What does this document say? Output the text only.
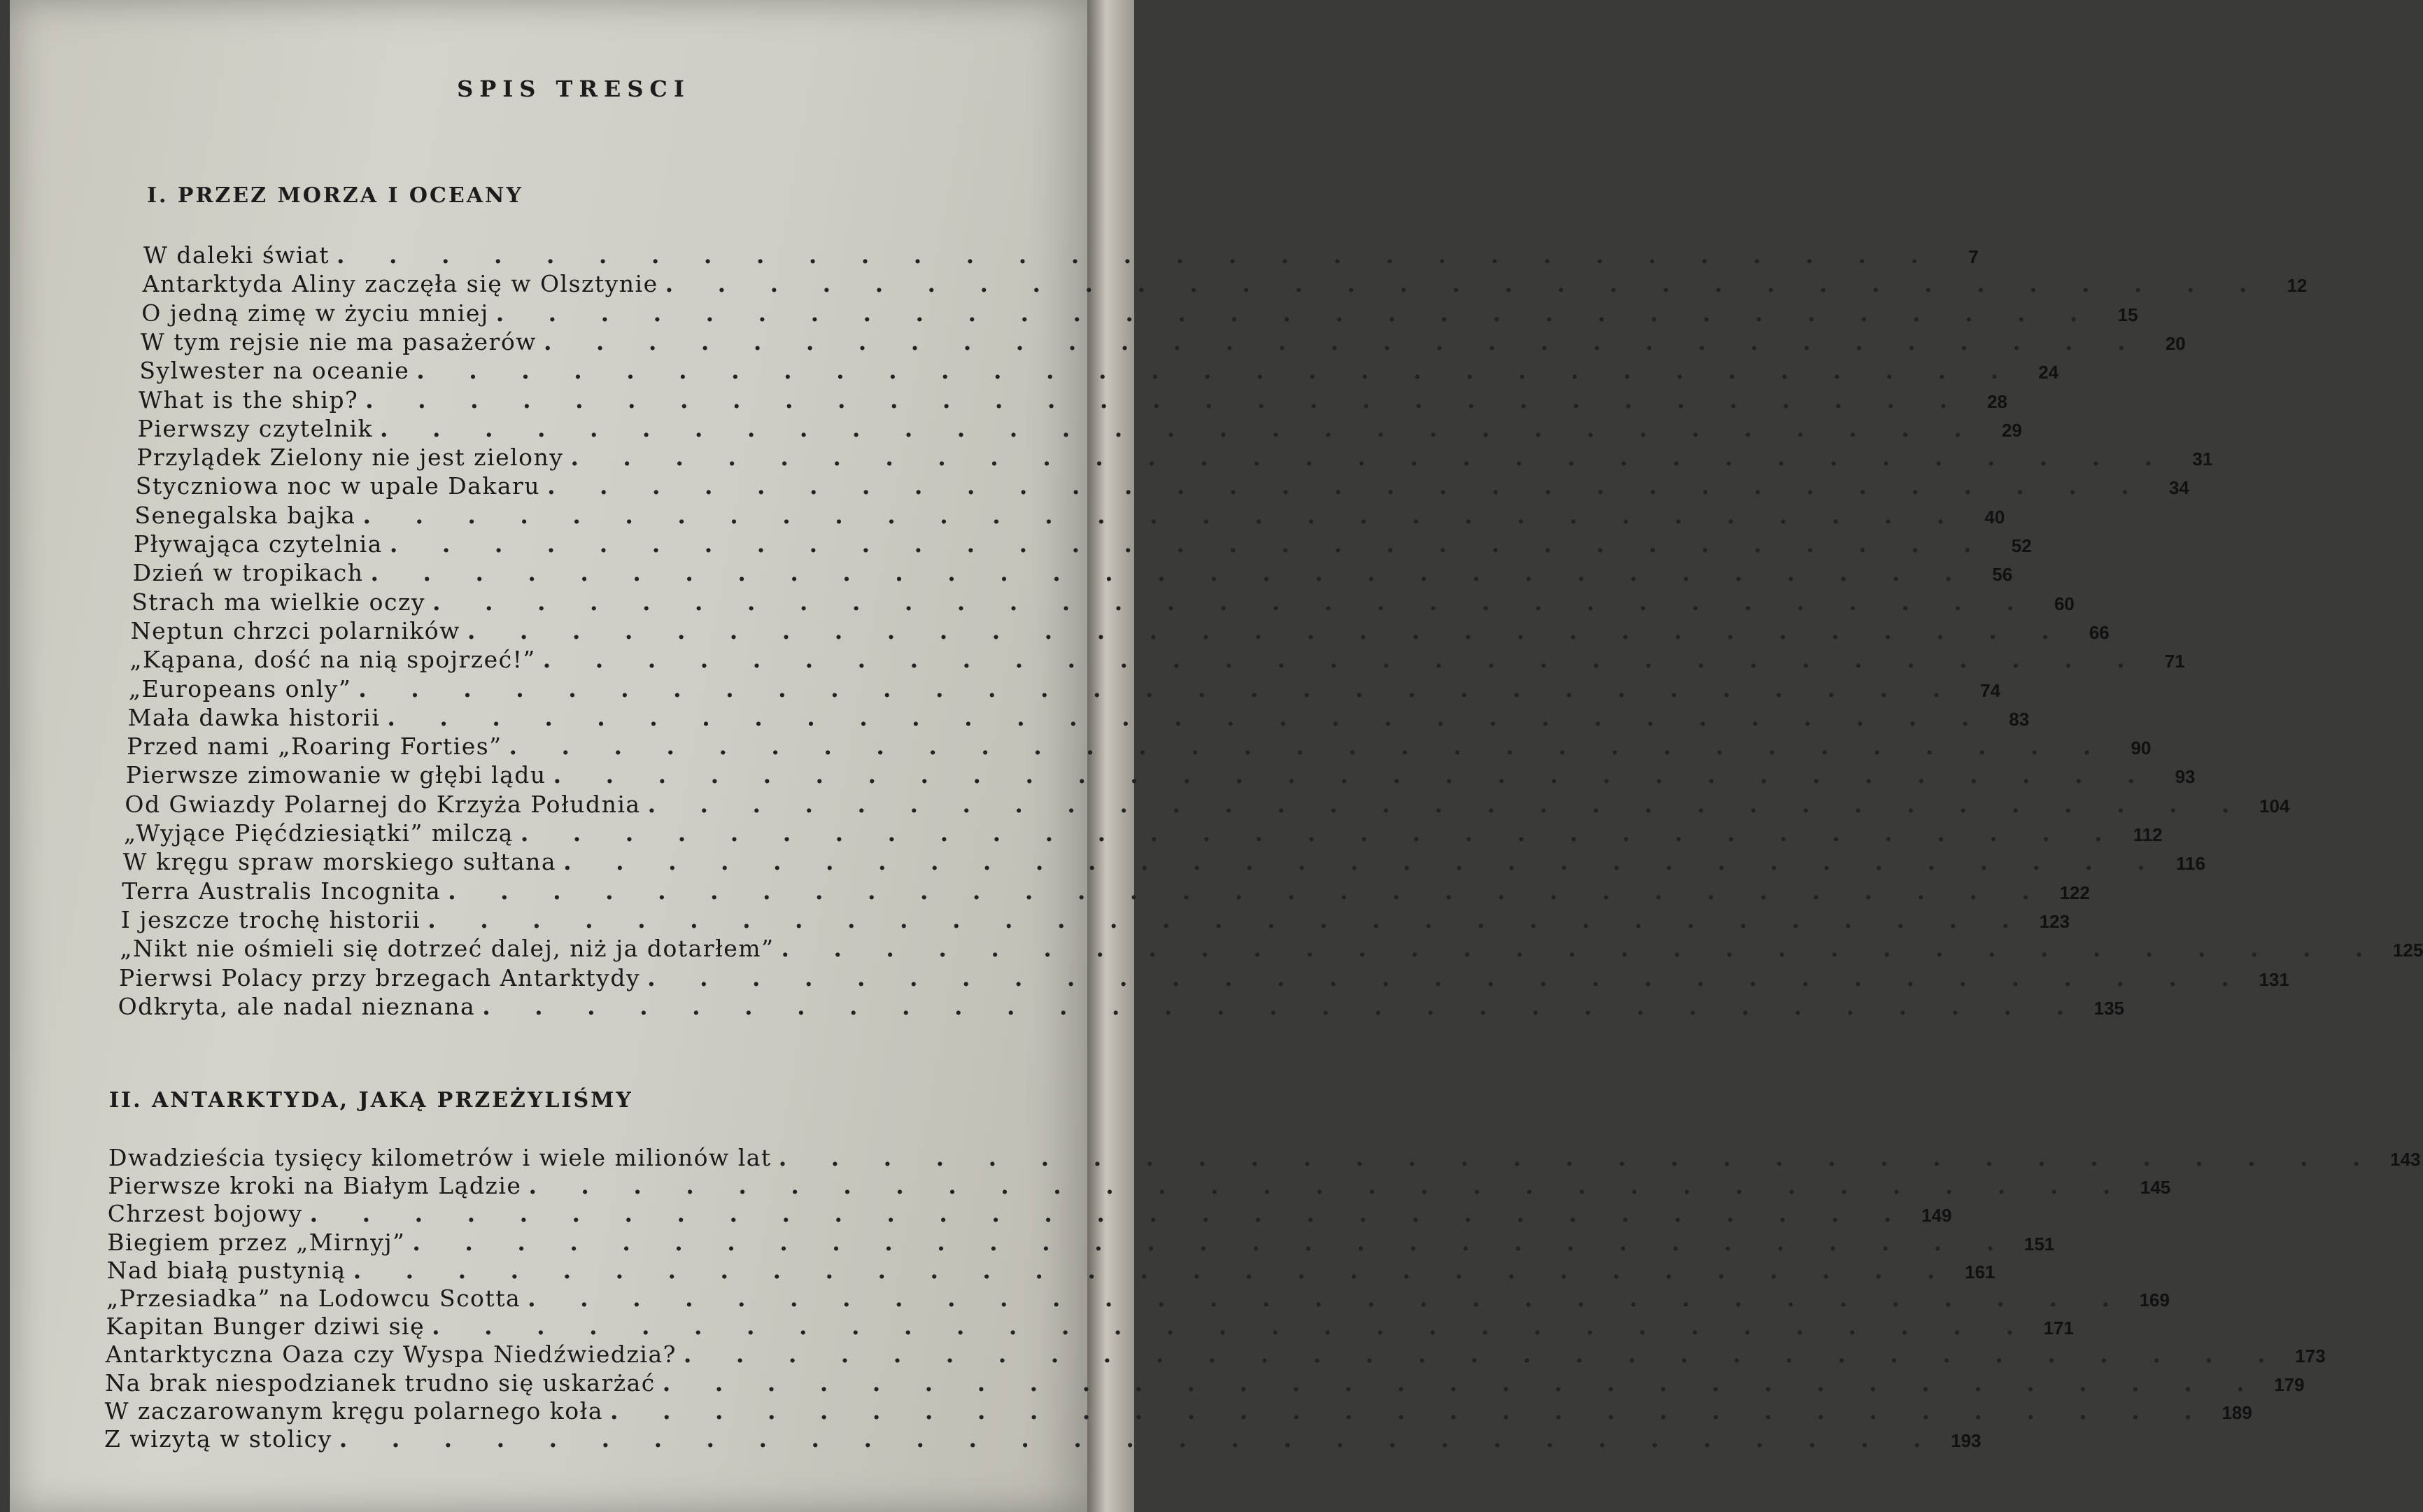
SPIS TRESCI
I. PRZEZ MORZA I OCEANY
II. ANTARKTYDA, JAKĄ PRZEŻYLIŚMY
W daleki świat . . . . . . . . . . . . . . . . . . . . . . . . . . . . . . .	7
Antarktyda Aliny zaczęła się w Olsztynie . . . . . . . . . . . . . . . . . . . . . . . . . . . . . . .	12
O jedną zimę w życiu mniej . . . . . . . . . . . . . . . . . . . . . . . . . . . . . . .	15
W tym rejsie nie ma pasażerów . . . . . . . . . . . . . . . . . . . . . . . . . . . . . . .	20
Sylwester na oceanie . . . . . . . . . . . . . . . . . . . . . . . . . . . . . . .	24
What is the ship? . . . . . . . . . . . . . . . . . . . . . . . . . . . . . . .	28
Pierwszy czytelnik . . . . . . . . . . . . . . . . . . . . . . . . . . . . . . .	29
Przylądek Zielony nie jest zielony . . . . . . . . . . . . . . . . . . . . . . . . . . . . . . .	31
Styczniowa noc w upale Dakaru . . . . . . . . . . . . . . . . . . . . . . . . . . . . . . .	34
Senegalska bajka . . . . . . . . . . . . . . . . . . . . . . . . . . . . . . .	40
Pływająca czytelnia . . . . . . . . . . . . . . . . . . . . . . . . . . . . . . .	52
Dzień w tropikach . . . . . . . . . . . . . . . . . . . . . . . . . . . . . . .	56
Strach ma wielkie oczy . . . . . . . . . . . . . . . . . . . . . . . . . . . . . . .	60
Neptun chrzci polarników . . . . . . . . . . . . . . . . . . . . . . . . . . . . . . .	66
„Kąpana, dość na nią spojrzeć!” . . . . . . . . . . . . . . . . . . . . . . . . . . . . . . .	71
„Europeans only” . . . . . . . . . . . . . . . . . . . . . . . . . . . . . . .	74
Mała dawka historii . . . . . . . . . . . . . . . . . . . . . . . . . . . . . . .	83
Przed nami „Roaring Forties” . . . . . . . . . . . . . . . . . . . . . . . . . . . . . . .	90
Pierwsze zimowanie w głębi lądu . . . . . . . . . . . . . . . . . . . . . . . . . . . . . . .	93
Od Gwiazdy Polarnej do Krzyża Południa . . . . . . . . . . . . . . . . . . . . . . . . . . . . . . . 104
„Wyjące Pięćdziesiątki” milczą . . . . . . . . . . . . . . . . . . . . . . . . . . . . . . . 112
W kręgu spraw morskiego sułtana . . . . . . . . . . . . . . . . . . . . . . . . . . . . . . . 116
Terra Australis Incognita . . . . . . . . . . . . . . . . . . . . . . . . . . . . . . . 122
I jeszcze trochę historii . . . . . . . . . . . . . . . . . . . . . . . . . . . . . . . 123
„Nikt nie ośmieli się dotrzeć dalej, niż ja dotarłem” . . . . . . . . . . . . . . . . . . . . . . . . . . . . . . . 125
Pierwsi Polacy przy brzegach Antarktydy . . . . . . . . . . . . . . . . . . . . . . . . . . . . . . . 131
Odkryta, ale nadal nieznana . . . . . . . . . . . . . . . . . . . . . . . . . . . . . . . 135
Dwadzieścia tysięcy kilometrów i wiele milionów lat . . . . . . . . . . . . . . . . . . . . . . . . . . . . . . . 143
Pierwsze kroki na Białym Lądzie . . . . . . . . . . . . . . . . . . . . . . . . . . . . . . . 145
Chrzest bojowy . . . . . . . . . . . . . . . . . . . . . . . . . . . . . . . 149
Biegiem przez „Mirnyj” . . . . . . . . . . . . . . . . . . . . . . . . . . . . . . . 151
Nad białą pustynią . . . . . . . . . . . . . . . . . . . . . . . . . . . . . . . 161
„Przesiadka” na Lodowcu Scotta . . . . . . . . . . . . . . . . . . . . . . . . . . . . . . . 169
Kapitan Bunger dziwi się . . . . . . . . . . . . . . . . . . . . . . . . . . . . . . . 171
Antarktyczna Oaza czy Wyspa Niedźwiedzia? . . . . . . . . . . . . . . . . . . . . . . . . . . . . . . . 173
Na brak niespodzianek trudno się uskarżać . . . . . . . . . . . . . . . . . . . . . . . . . . . . . . . 179
W zaczarowanym kręgu polarnego koła . . . . . . . . . . . . . . . . . . . . . . . . . . . . . . . 189
Z wizytą w stolicy . . . . . . . . . . . . . . . . . . . . . . . . . . . . . . . 193
